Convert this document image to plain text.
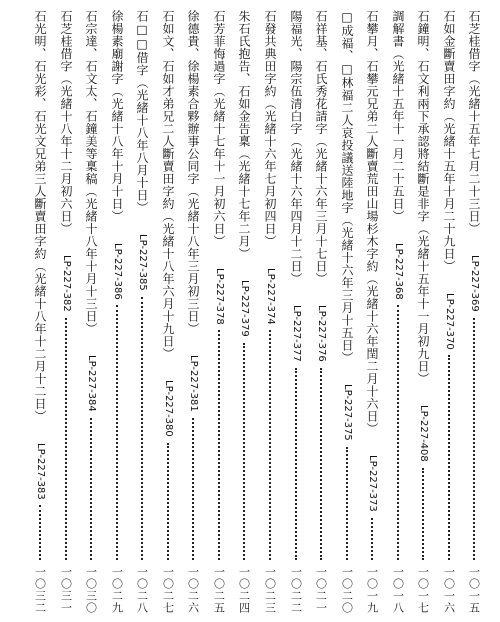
石芝桂借字（光緒十五年七月二十三日）LP-227-369
一〇一五
石如金斷賣田字約（光緒十五年十月二十九日）LP-227-370
一〇一六
石鐘明、石文利兩下承認將結斷是非字（光緒十五年十一月初九日）LP-227-408
一〇一七
調解書（光緒十五年十一月二十五日）LP-227-368
一〇一八
石攀月、石攀元兄弟二人斷賣荒田山場杉木字約（光緒十六年閏二月十六日）LP-227-373
一〇一九
□成福、□林福二人哀投議送陸地字（光緒十六年三月十五日）LP-227-375
一〇二〇
石祥基、石氏秀花請字（光緒十六年三月十七日）LP-227-376
一〇二一
陽福光、陽宗伍清白字（光緒十六年四月十二日）LP-227-377
一〇二二
石發共典田字約（光緒十六年七月初四日）LP-227-374
一〇二三
朱石氏抱告、石如金告稟（光緒十七年二月）LP-227-379
一〇二四
石芳菲悔過字（光緒十七年十一月初六日）LP-227-378
一〇二五
徐德貴、徐楊素合夥辦事公同字（光緒十八年三月初三日）LP-227-381
一〇二六
石如文、石如才弟兄二人斷賣田字約（光緒十八年六月十九日）LP-227-380
一〇二七
石□□借字（光緒十八年八月十日）LP-227-385
一〇二八
徐楊素廟謝字（光緒十八年十月十日）LP-227-386
一〇二九
石宗達、石文太、石鐘美等稟稿（光緒十八年十月十三日）LP-227-384
一〇三〇
石芝桂借字（光緒十八年十二月初六日）LP-227-382
一〇三一
石光明、石光彩、石光文兄弟三人斷賣田字約（光緒十八年十二月十二日）LP-227-383
一〇三二
